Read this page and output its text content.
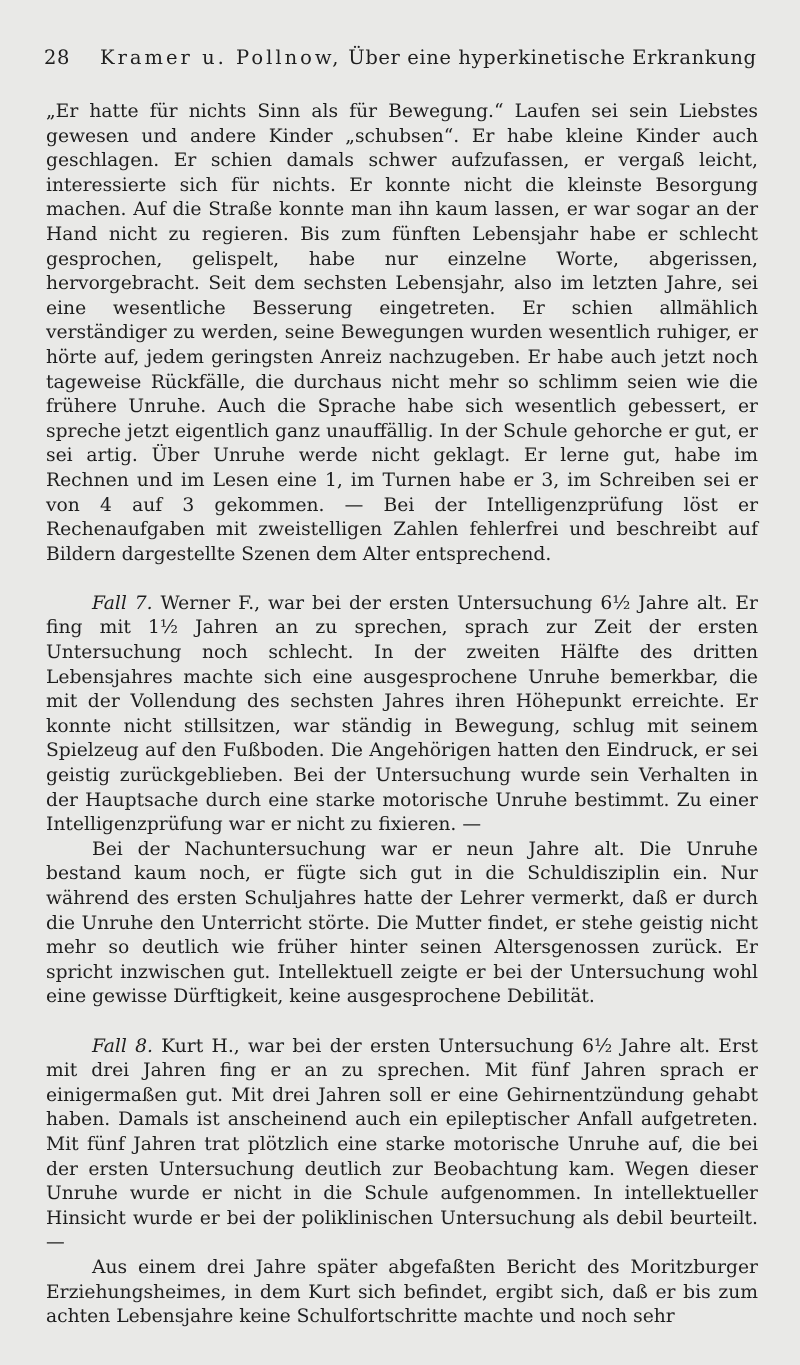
28 Kramer u. Pollnow, Über eine hyperkinetische Erkrankung

„Er hatte für nichts Sinn als für Bewegung.“ Laufen sei sein Liebstes gewesen und andere Kinder „schubsen“. Er habe kleine Kinder auch geschlagen. Er schien damals schwer aufzufassen, er vergaß leicht, interessierte sich für nichts. Er konnte nicht die kleinste Besorgung machen. Auf die Straße konnte man ihn kaum lassen, er war sogar an der Hand nicht zu regieren. Bis zum fünften Lebensjahr habe er schlecht gesprochen, gelispelt, habe nur einzelne Worte, abgerissen, hervorgebracht. Seit dem sechsten Lebensjahr, also im letzten Jahre, sei eine wesentliche Besserung eingetreten. Er schien allmählich verständiger zu werden, seine Bewegungen wurden wesentlich ruhiger, er hörte auf, jedem geringsten Anreiz nachzugeben. Er habe auch jetzt noch tageweise Rückfälle, die durchaus nicht mehr so schlimm seien wie die frühere Unruhe. Auch die Sprache habe sich wesentlich gebessert, er spreche jetzt eigentlich ganz unauffällig. In der Schule gehorche er gut, er sei artig. Über Unruhe werde nicht geklagt. Er lerne gut, habe im Rechnen und im Lesen eine 1, im Turnen habe er 3, im Schreiben sei er von 4 auf 3 gekommen. — Bei der Intelligenzprüfung löst er Rechenaufgaben mit zweistelligen Zahlen fehlerfrei und beschreibt auf Bildern dargestellte Szenen dem Alter entsprechend.

Fall 7. Werner F., war bei der ersten Untersuchung 6½ Jahre alt. Er fing mit 1½ Jahren an zu sprechen, sprach zur Zeit der ersten Untersuchung noch schlecht. In der zweiten Hälfte des dritten Lebensjahres machte sich eine ausgesprochene Unruhe bemerkbar, die mit der Vollendung des sechsten Jahres ihren Höhepunkt erreichte. Er konnte nicht stillsitzen, war ständig in Bewegung, schlug mit seinem Spielzeug auf den Fußboden. Die Angehörigen hatten den Eindruck, er sei geistig zurückgeblieben. Bei der Untersuchung wurde sein Verhalten in der Hauptsache durch eine starke motorische Unruhe bestimmt. Zu einer Intelligenzprüfung war er nicht zu fixieren. —

Bei der Nachuntersuchung war er neun Jahre alt. Die Unruhe bestand kaum noch, er fügte sich gut in die Schuldisziplin ein. Nur während des ersten Schuljahres hatte der Lehrer vermerkt, daß er durch die Unruhe den Unterricht störte. Die Mutter findet, er stehe geistig nicht mehr so deutlich wie früher hinter seinen Altersgenossen zurück. Er spricht inzwischen gut. Intellektuell zeigte er bei der Untersuchung wohl eine gewisse Dürftigkeit, keine ausgesprochene Debilität.

Fall 8. Kurt H., war bei der ersten Untersuchung 6½ Jahre alt. Erst mit drei Jahren fing er an zu sprechen. Mit fünf Jahren sprach er einigermaßen gut. Mit drei Jahren soll er eine Gehirnentzündung gehabt haben. Damals ist anscheinend auch ein epileptischer Anfall aufgetreten. Mit fünf Jahren trat plötzlich eine starke motorische Unruhe auf, die bei der ersten Untersuchung deutlich zur Beobachtung kam. Wegen dieser Unruhe wurde er nicht in die Schule aufgenommen. In intellektueller Hinsicht wurde er bei der poliklinischen Untersuchung als debil beurteilt. —

Aus einem drei Jahre später abgefaßten Bericht des Moritzburger Erziehungsheimes, in dem Kurt sich befindet, ergibt sich, daß er bis zum achten Lebensjahre keine Schulfortschritte machte und noch sehr
